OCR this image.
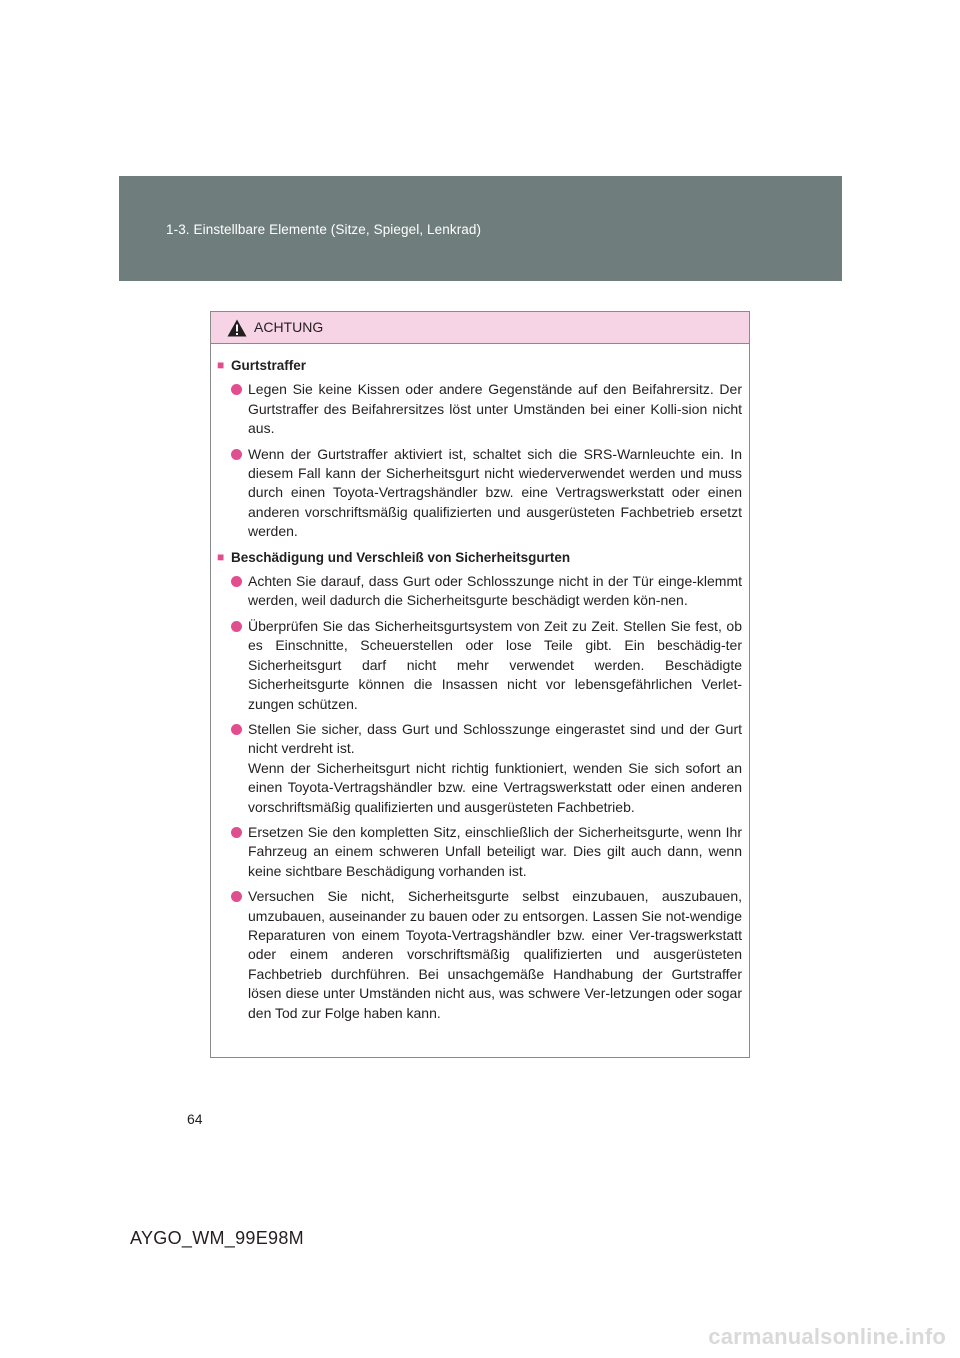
1-3. Einstellbare Elemente (Sitze, Spiegel, Lenkrad)
ACHTUNG
■ Gurtstraffer

Legen Sie keine Kissen oder andere Gegenstände auf den Beifahrersitz. Der Gurtstraffer des Beifahrersitzes löst unter Umständen bei einer Kolli-sion nicht aus.

Wenn der Gurtstraffer aktiviert ist, schaltet sich die SRS-Warnleuchte ein. In diesem Fall kann der Sicherheitsgurt nicht wiederverwendet werden und muss durch einen Toyota-Vertragshändler bzw. eine Vertragswerkstatt oder einen anderen vorschriftsmäßig qualifizierten und ausgerüsteten Fachbetrieb ersetzt werden.

■ Beschädigung und Verschleiß von Sicherheitsgurten

Achten Sie darauf, dass Gurt oder Schlosszunge nicht in der Tür einge-klemmt werden, weil dadurch die Sicherheitsgurte beschädigt werden kön-nen.

Überprüfen Sie das Sicherheitsgurtsystem von Zeit zu Zeit. Stellen Sie fest, ob es Einschnitte, Scheuerstellen oder lose Teile gibt. Ein beschädig-ter Sicherheitsgurt darf nicht mehr verwendet werden. Beschädigte Sicherheitsgurte können die Insassen nicht vor lebensgefährlichen Verlet-zungen schützen.

Stellen Sie sicher, dass Gurt und Schlosszunge eingerastet sind und der Gurt nicht verdreht ist.

Wenn der Sicherheitsgurt nicht richtig funktioniert, wenden Sie sich sofort an einen Toyota-Vertragshändler bzw. eine Vertragswerkstatt oder einen anderen vorschriftsmäßig qualifizierten und ausgerüsteten Fachbetrieb.

Ersetzen Sie den kompletten Sitz, einschließlich der Sicherheitsgurte, wenn Ihr Fahrzeug an einem schweren Unfall beteiligt war. Dies gilt auch dann, wenn keine sichtbare Beschädigung vorhanden ist.

Versuchen Sie nicht, Sicherheitsgurte selbst einzubauen, auszubauen, umzubauen, auseinander zu bauen oder zu entsorgen. Lassen Sie not-wendige Reparaturen von einem Toyota-Vertragshändler bzw. einer Ver-tragswerkstatt oder einem anderen vorschriftsmäßig qualifizierten und ausgerüsteten Fachbetrieb durchführen. Bei unsachgemäße Handhabung der Gurtstraffer lösen diese unter Umständen nicht aus, was schwere Ver-letzungen oder sogar den Tod zur Folge haben kann.

64
AYGO_WM_99E98M
carmanualsonline.info
